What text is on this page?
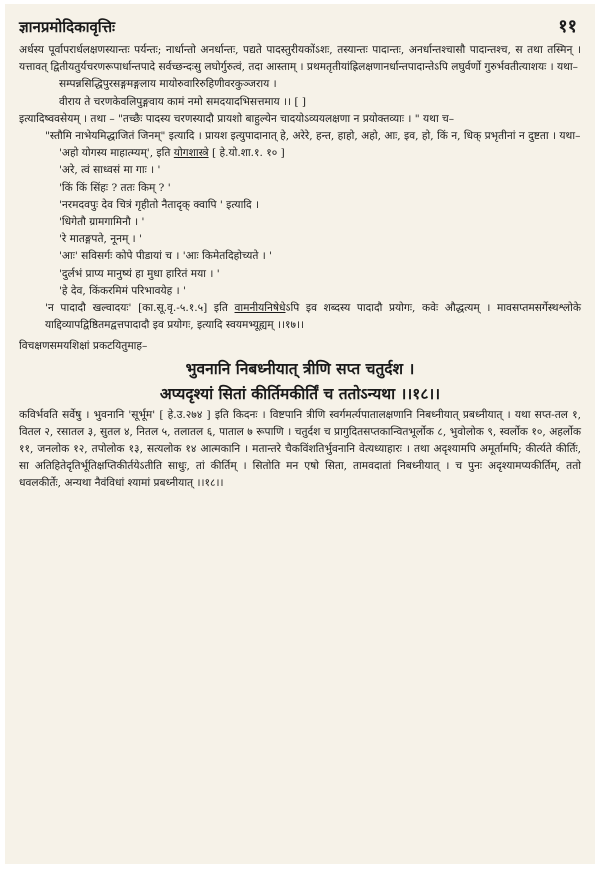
ज्ञानप्रमोदिकावृत्तिः	११

अर्धस्य पूर्वापरार्धलक्षणस्यान्तः पर्यन्तः; नार्धान्तो अनर्धान्तः, पद्यते पादस्तुरीयकोंऽशः, तस्यान्तः पादान्तः, अनर्धान्तश्चासौ पादान्तश्च, स तथा तस्मिन् । यत्तावत् द्वितीयतुर्यचरणरूपार्धान्तपादे सर्वच्छन्दःसु लघोर्गुरुत्वं, तदा आस्ताम् । प्रथमतृतीयांह्रिलक्षणानर्धान्तपादान्तेऽपि लघुर्वर्णो गुरुर्भवतीत्याशयः । यथा–

सम्पन्नसिद्धिपुरसङ्गमङ्गलाय मायोरुवारिरुहिणीवरकुञ्जराय ।

वीराय ते चरणकेवलिपुङ्गवाय कामं नमो समदयादभिसत्तमाय ।। [ ]

इत्यादिष्ववसेयम् । तथा – "तच्छैः पादस्य चरणस्यादौ प्रायशो बाहुल्येन चादयोऽव्ययलक्षणा न प्रयोक्तव्याः । " यथा च–

"स्तौमि नाभेयमिद्धाजितं जिनम्" इत्यादि । प्रायश इत्युपादानात् हे, अरेरे, हन्त, हाहो, अहो, आः, इव, हो, किं न, धिक् प्रभृतीनां न दुष्टता । यथा–

'अहो योगस्य माहात्म्यम्', इति योगशास्त्रे [ हे.यो.शा.१. १० ]

'अरे, त्वं साध्वसं मा गाः । '

'किं किं सिंहः ? ततः किम् ? '

'नरमदवपुः देव चित्रं गृहीतो नैतादृक् क्वापि ' इत्यादि ।

'धिगेतौ ग्रामगामिनौ । '

'रे मातङ्गपते, नूनम् । '

'आः' सविसर्गः कोपे पीडायां च । 'आः किमेतदिहोच्यते । '

'दुर्लभं प्राप्य मानुष्यं हा मुधा हारितं मया । '

'हे देव, किंकरमिमं परिभावयेह । '

'न पादादौ खल्वादयः' [का.सू.वृ.-५.१.५] इति वामनीयनिषेधेऽपि इव शब्दस्य पादादौ प्रयोगः, कवेः औद्धत्यम् । मावसप्तमसर्गेस्थश्लोके याद्दिव्यापद्विष्ठितमद्वत्तपादादौ इव प्रयोगः, इत्यादि स्वयमभ्यूह्यम् ।।१७।।

विचक्षणसमयशिक्षां प्रकटयितुमाह–

भुवनानि निबध्नीयात् त्रीणि सप्त चतुर्दश ।

अप्यदृश्यां सितां कीर्तिमकीर्तिं च ततोऽन्यथा ।।१८।।

कविर्भवति सर्वेषु । भुवनानि 'सूर्भूम' [ हे.उ.२७४ ] इति किदनः । विष्टपानि त्रीणि स्वर्गमर्त्यपातालक्षणानि निबध्नीयात् प्रबध्नीयात् । यथा सप्त-तल १, वितल २, रसातल ३, सुतल ४, नितल ५, तलातल ६, पाताल ७ रूपाणि । चतुर्दश च प्रागुदितसप्तकान्वितभूर्लोक ८, भुवोलोक ९, स्वर्लोक १०, अहर्लोक ११, जनलोक १२, तपोलोक १३, सत्यलोक १४ आत्मकानि । मतान्तरे चैकविंशतिर्भुवनानि वेत्यध्याहारः । तथा अदृश्यामपि अमूर्तामपि; कीर्त्यते कीर्तिः, सा अतिहितेदृतिर्भूतिक्षप्तिकीर्तयेऽतीति साधुः, तां कीर्तिम् । सितोति मन एषो सिता, तामवदातां निबध्नीयात् । च पुनः अदृश्यामप्यकीर्तिम्, ततो धवलकीर्तेः, अन्यथा नैवंविधां श्यामां प्रबध्नीयात् ।।१८।।
